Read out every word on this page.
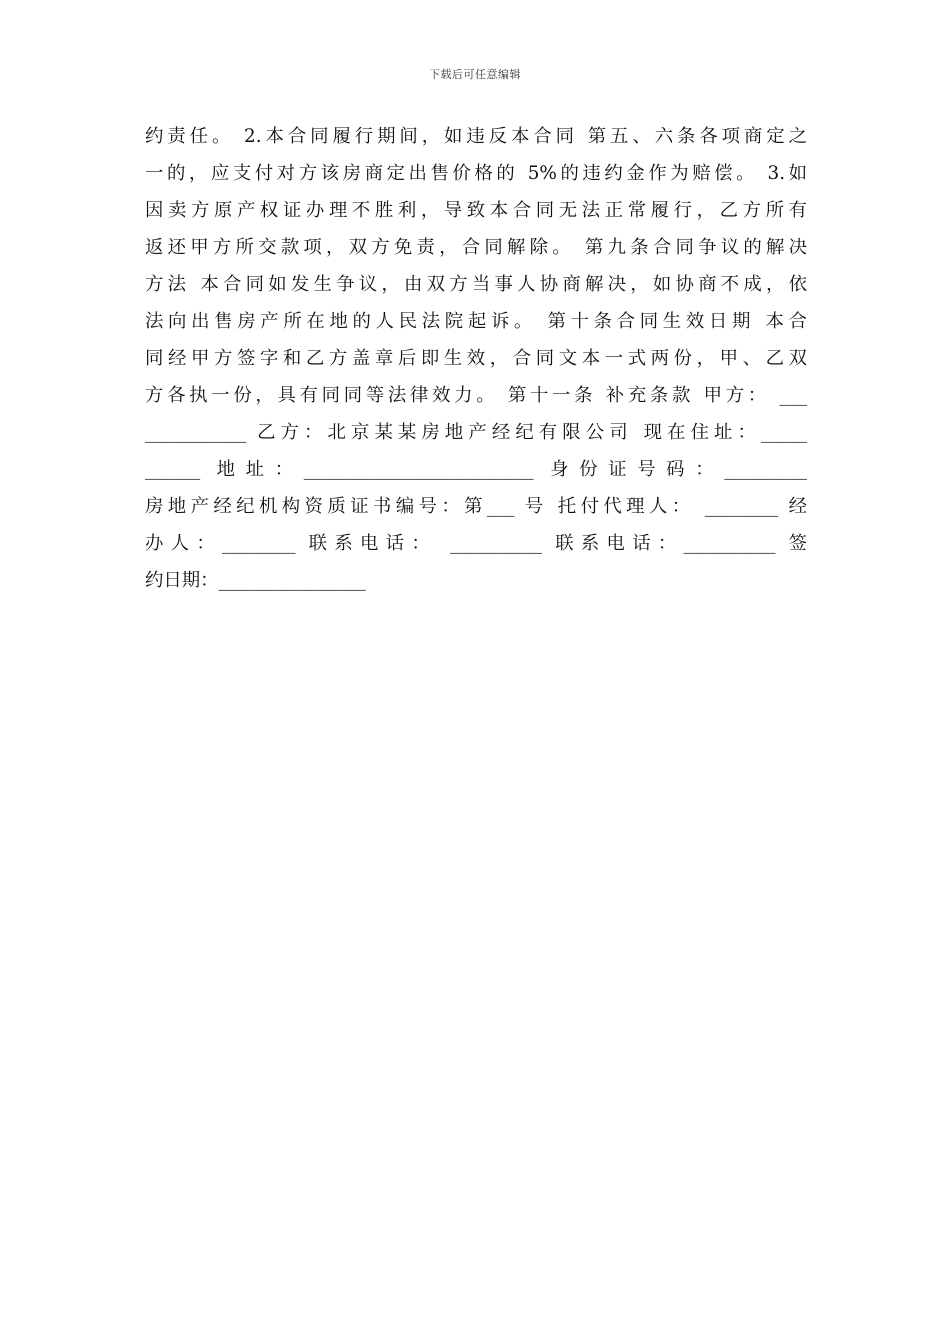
下载后可任意编辑
约责任。 2.本合同履行期间，如违反本合同 第五、六条各项商定之
一的，应支付对方该房商定出售价格的 5%的违约金作为赔偿。 3.如
因卖方原产权证办理不胜利，导致本合同无法正常履行，乙方所有
返还甲方所交款项，双方免责，合同解除。 第九条合同争议的解决
方法 本合同如发生争议，由双方当事人协商解决，如协商不成，依
法向出售房产所在地的人民法院起诉。 第十条合同生效日期 本合
同经甲方签字和乙方盖章后即生效，合同文本一式两份，甲、乙双
方各执一份，具有同同等法律效力。 第十一条 补充条款 甲方： ___
___________ 乙方：北京某某房地产经纪有限公司 现在住址：_____
______ 地址：_________________________ 身份证号码：_________
房地产经纪机构资质证书编号：第___ 号 托付代理人： ________ 经
办人：________ 联系电话： __________ 联系电话：__________ 签
约日期：________________
